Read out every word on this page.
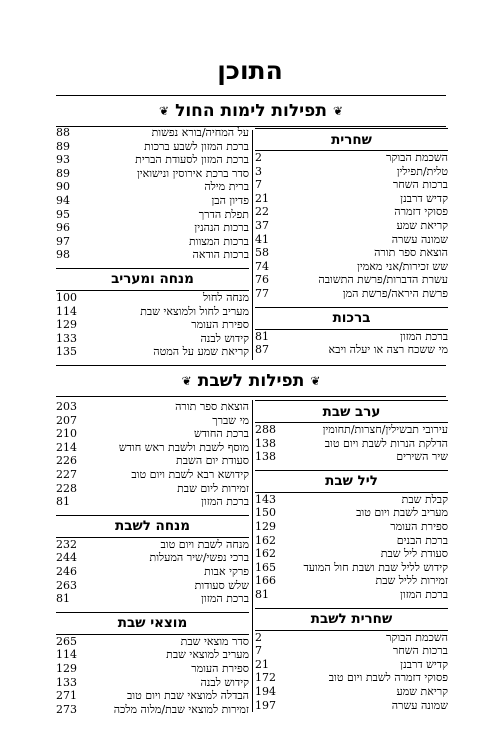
התוכן
❦
תפילות לימות החול
❦
שחרית
השכמת הבוקר
2
טלית/תפילין
3
ברכות השחר
7
קדיש דרבנן
21
פסוקי דזמרה
22
קריאת שמע
37
שמונה עשרה
41
הוצאת ספר תורה
58
שש זכירות/אני מאמין
74
עשרת הדברות/פרשת התשובה
76
פרשת היראה/פרשת המן
77
ברכות
ברכת המזון
81
מי ששכח רצה או יעלה ויבא
87
על המחיה/בורא נפשות
88
ברכת המזון לשבע ברכות
89
ברכת המזון לסעודת הברית
93
סדר ברכת אירוסין ונישואין
89
ברית מילה
90
פדיון הבן
94
תפלת הדרך
95
ברכות הנהנין
96
ברכות המצוות
97
ברכות הודאה
98
מנחה ומעריב
מנחה לחול
100
מעריב לחול ולמוצאי שבת
114
ספירת העומר
129
קידוש לבנה
133
קריאת שמע על המטה
135
❦
תפילות לשבת
❦
ערב שבת
עירובי תבשילין/חצרות/תחומין
288
הדלקת הנרות לשבת ויום טוב
138
שיר השירים
138
ליל שבת
קבלת שבת
143
מעריב לשבת ויום טוב
150
ספירת העומר
129
ברכת הבנים
162
סעודת ליל שבת
162
קידוש לליל שבת ושבת חול המועד
165
זמירות לליל שבת
166
ברכת המזון
81
שחרית לשבת
השכמת הבוקר
2
ברכות השחר
7
קדיש דרבנן
21
פסוקי דזמרה לשבת ויום טוב
172
קריאת שמע
194
שמונה עשרה
197
הוצאת ספר תורה
203
מי שברך
207
ברכת החודש
210
מוסף לשבת ולשבת ראש חודש
214
סעודת יום השבת
226
קידושא רבא לשבת ויום טוב
227
זמירות ליום שבת
228
ברכת המזון
81
מנחה לשבת
מנחה לשבת ויום טוב
232
ברכי נפשי/שיר המעלות
244
פרקי אבות
246
שלש סעודות
263
ברכת המזון
81
מוצאי שבת
סדר מוצאי שבת
265
מעריב למוצאי שבת
114
ספירת העומר
129
קידוש לבנה
133
הבדלה למוצאי שבת ויום טוב
271
זמירות למוצאי שבת/מלוה מלכה
273
